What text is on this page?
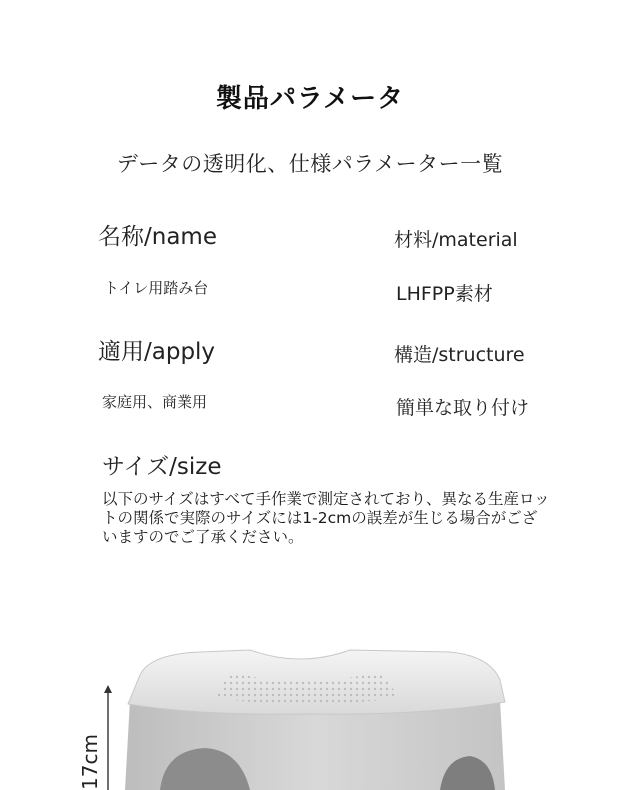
製品パラメータ
データの透明化、仕様パラメーター一覧
名称/name
トイレ用踏み台
材料/material
LHFPP素材
適用/apply
家庭用、商業用
構造/structure
簡単な取り付け
サイズ/size
以下のサイズはすべて手作業で測定されており、異なる生産ロットの関係で実際のサイズには1-2cmの誤差が生じる場合がございますのでご了承ください。
17cm
